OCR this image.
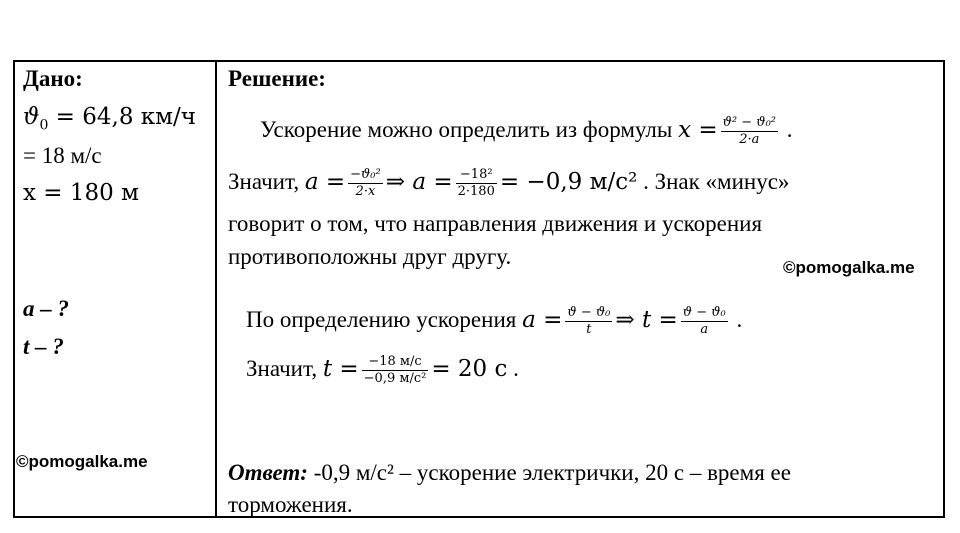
Дано:
$ϑ_0 = 64,8$ км/ч
= 18 м/с
x = 180 м
a – ?
t – ?
©pomogalka.me
Решение:
Ускорение можно определить из формулы $x = \frac{\text{ϑ² − ϑ₀²}}{2\cdot a}$ .
Значит, $a = \frac{\text{−ϑ₀²}}{2\cdot x}$ ⇒ $a = \frac{\text{−18²}}{2\cdot 180} = -0,9$ м/с² . Знак «минус»
говорит о том, что направления движения и ускорения
противоположны друг другу.	©pomogalka.me
По определению ускорения $a = \frac{\text{ϑ − ϑ₀}}{t}$ ⇒ $t = \frac{\text{ϑ − ϑ₀}}{a}$ .
Значит, $t = \frac{-18 м/с}{\text{−0,9 м/с²}} = 20$ с .
Ответ: -0,9 м/с² – ускорение электрички, 20 с – время ее
торможения.
